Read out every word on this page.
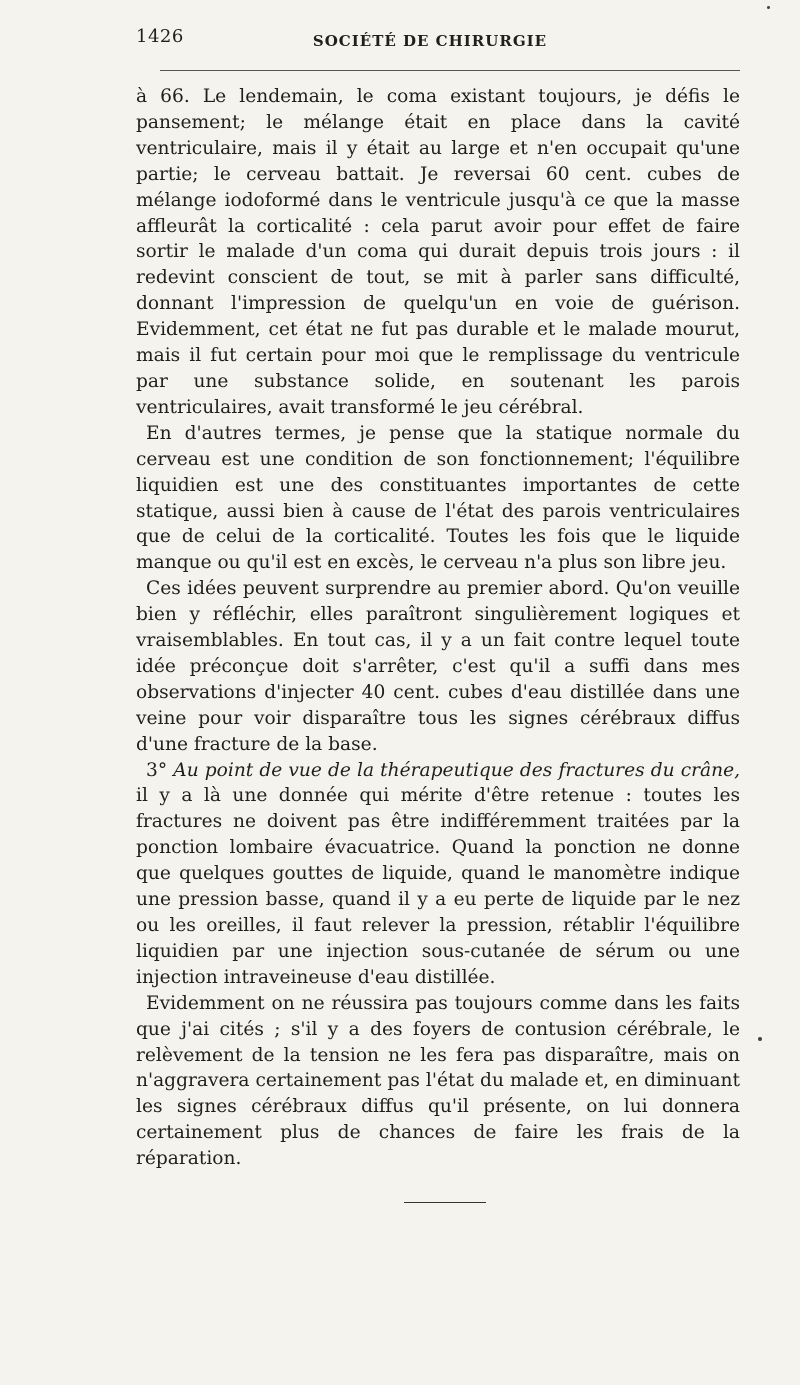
1426	SOCIÉTÉ DE CHIRURGIE

à 66. Le lendemain, le coma existant toujours, je défis le pansement; le mélange était en place dans la cavité ventriculaire, mais il y était au large et n'en occupait qu'une partie; le cerveau battait. Je reversai 60 cent. cubes de mélange iodoformé dans le ventricule jusqu'à ce que la masse affleurât la corticalité : cela parut avoir pour effet de faire sortir le malade d'un coma qui durait depuis trois jours : il redevint conscient de tout, se mit à parler sans difficulté, donnant l'impression de quelqu'un en voie de guérison. Evidemment, cet état ne fut pas durable et le malade mourut, mais il fut certain pour moi que le remplissage du ventricule par une substance solide, en soutenant les parois ventriculaires, avait transformé le jeu cérébral.

En d'autres termes, je pense que la statique normale du cerveau est une condition de son fonctionnement; l'équilibre liquidien est une des constituantes importantes de cette statique, aussi bien à cause de l'état des parois ventriculaires que de celui de la corticalité. Toutes les fois que le liquide manque ou qu'il est en excès, le cerveau n'a plus son libre jeu.

Ces idées peuvent surprendre au premier abord. Qu'on veuille bien y réfléchir, elles paraîtront singulièrement logiques et vraisemblables. En tout cas, il y a un fait contre lequel toute idée préconçue doit s'arrêter, c'est qu'il a suffi dans mes observations d'injecter 40 cent. cubes d'eau distillée dans une veine pour voir disparaître tous les signes cérébraux diffus d'une fracture de la base.

3° Au point de vue de la thérapeutique des fractures du crâne, il y a là une donnée qui mérite d'être retenue : toutes les fractures ne doivent pas être indifféremment traitées par la ponction lombaire évacuatrice. Quand la ponction ne donne que quelques gouttes de liquide, quand le manomètre indique une pression basse, quand il y a eu perte de liquide par le nez ou les oreilles, il faut relever la pression, rétablir l'équilibre liquidien par une injection sous-cutanée de sérum ou une injection intraveineuse d'eau distillée.

Evidemment on ne réussira pas toujours comme dans les faits que j'ai cités ; s'il y a des foyers de contusion cérébrale, le relèvement de la tension ne les fera pas disparaître, mais on n'aggravera certainement pas l'état du malade et, en diminuant les signes cérébraux diffus qu'il présente, on lui donnera certainement plus de chances de faire les frais de la réparation.
